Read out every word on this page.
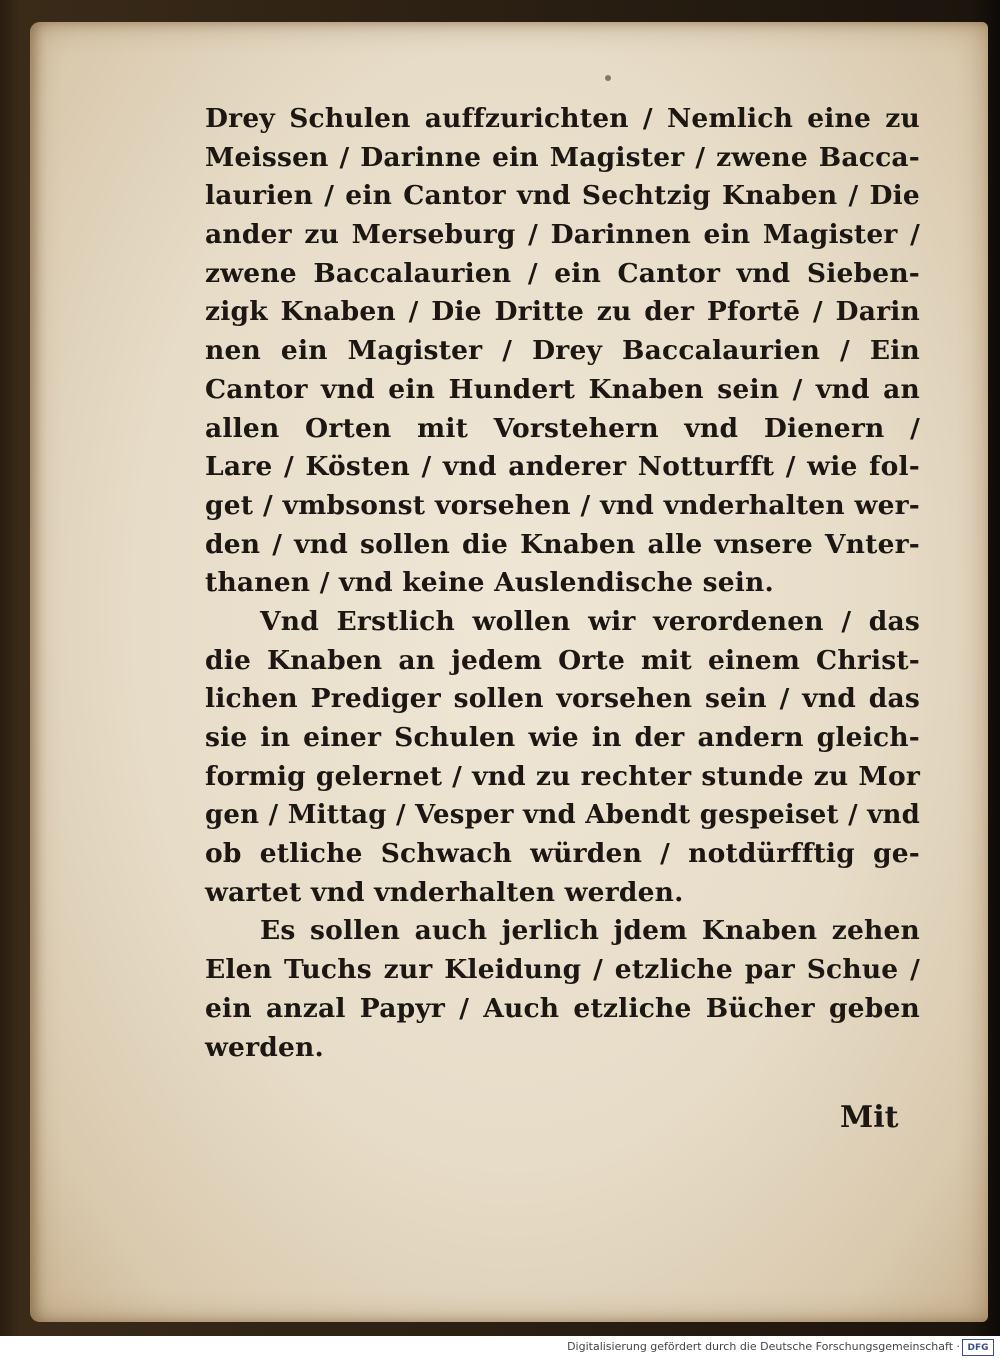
Drey Schulen auffzurichten / Nemlich eine zu
Meissen / Darinne ein Magister / zwene Bacca-
laurien / ein Cantor vnd Sechtzig Knaben / Die
ander zu Merseburg / Darinnen ein Magister /
zwene Baccalaurien / ein Cantor vnd Sieben-
zigk Knaben / Die Dritte zu der Pfortē / Darin
nen ein Magister / Drey Baccalaurien / Ein
Cantor vnd ein Hundert Knaben sein / vnd an
allen Orten mit Vorstehern vnd Dienern /
Lare / Kösten / vnd anderer Notturfft / wie fol-
get / vmbsonst vorsehen / vnd vnderhalten wer-
den / vnd sollen die Knaben alle vnsere Vnter-
thanen / vnd keine Auslendische sein.
Vnd Erstlich wollen wir verordenen / das
die Knaben an jedem Orte mit einem Christ-
lichen Prediger sollen vorsehen sein / vnd das
sie in einer Schulen wie in der andern gleich-
formig gelernet / vnd zu rechter stunde zu Mor
gen / Mittag / Vesper vnd Abendt gespeiset / vnd
ob etliche Schwach würden / notdürfftig ge-
wartet vnd vnderhalten werden.
Es sollen auch jerlich jdem Knaben zehen
Elen Tuchs zur Kleidung / etzliche par Schue /
ein anzal Papyr / Auch etzliche Bücher geben
werden.
Mit
Digitalisierung gefördert durch die Deutsche Forschungsgemeinschaft · DFG
